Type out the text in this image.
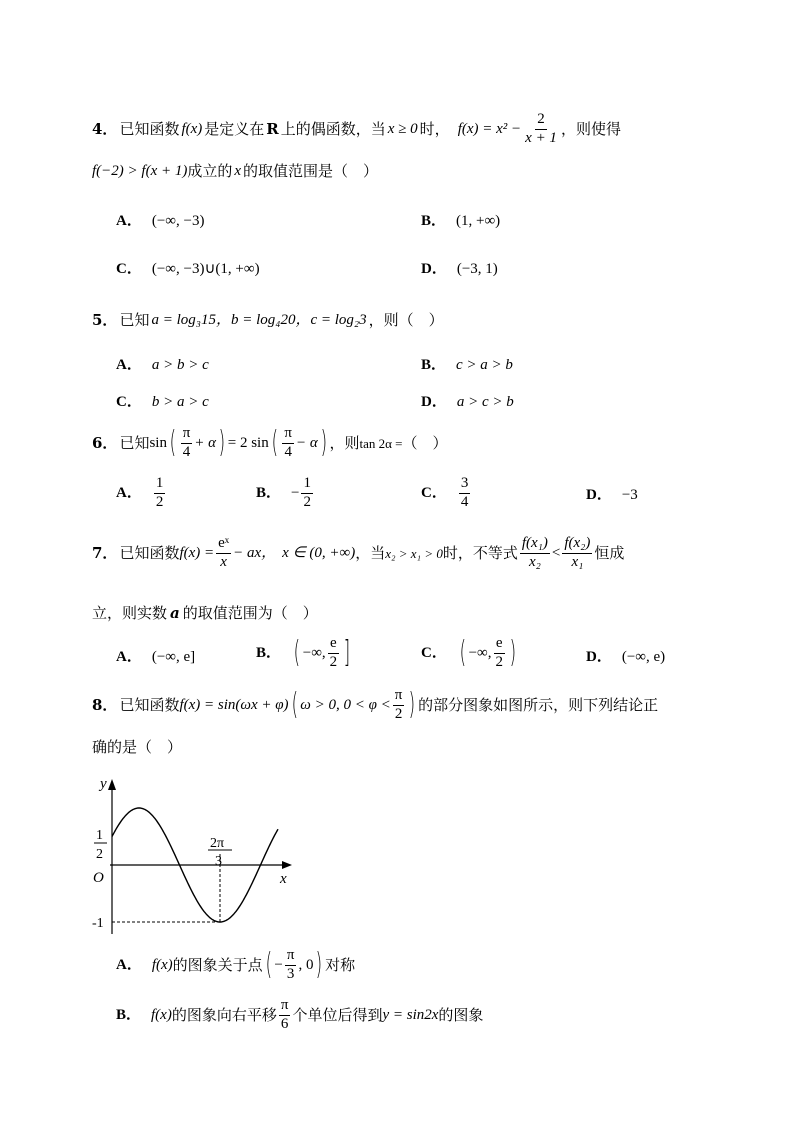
4． 已知函数 f(x) 是定义在 R 上的偶函数，当 x ≥ 0 时， $f(x) = x^2 - \frac{2}{x + 1}$ ，则使得
f(−2) > f(x + 1) 成立的 x 的取值范围是（　）
A． (−∞, −3)	B． (1, +∞)
C． (−∞, −3)∪(1, +∞)	D． (−3, 1)
5． 已知 a = log₃15，b = log₄20，c = log₂3 ，则（　）
A． a > b > c	B． c > a > b
C． b > a > c	D． a > c > b
6． 已知 sin ( $\frac{\pi}{4} + \alpha$ ) = 2 sin ( $\frac{\pi}{4} - \alpha$ ) ，则 tan 2α = （　）
A． $\frac{1}{2}$	B． − $\frac{1}{2}$	C． $\frac{3}{4}$	D． −3
7． 已知函数 $f(x) = \frac{\text{eˣ}}{x}$ − ax， x ∈ (0, +∞) ，当 x₂ > x₁ > 0 时，不等式 $\frac{\text{f(x₁)}}{\text{x₂}} < \frac{\text{f(x₂)}}{\text{x₁}}$ 恒成
立，则实数 a 的取值范围为（　）
A． (−∞, e]	B． ( −∞, $\frac{e}{2}$ ]	C． ( −∞, $\frac{e}{2}$ )	D． (−∞, e)
8． 已知函数 f(x) = sin(ωx + φ) ( ω > 0, $0 < \varphi < \frac{\pi}{2}$ ) 的部分图象如图所示，则下列结论正
确的是（　）
y
x
O
1
2
2π
3
-1
A． f(x) 的图象关于点 ( − $\frac{\pi}{3}$ , 0 ) 对称
B． f(x) 的图象向右平移 $\frac{\pi}{6}$ 个单位后得到 y = sin2x 的图象
